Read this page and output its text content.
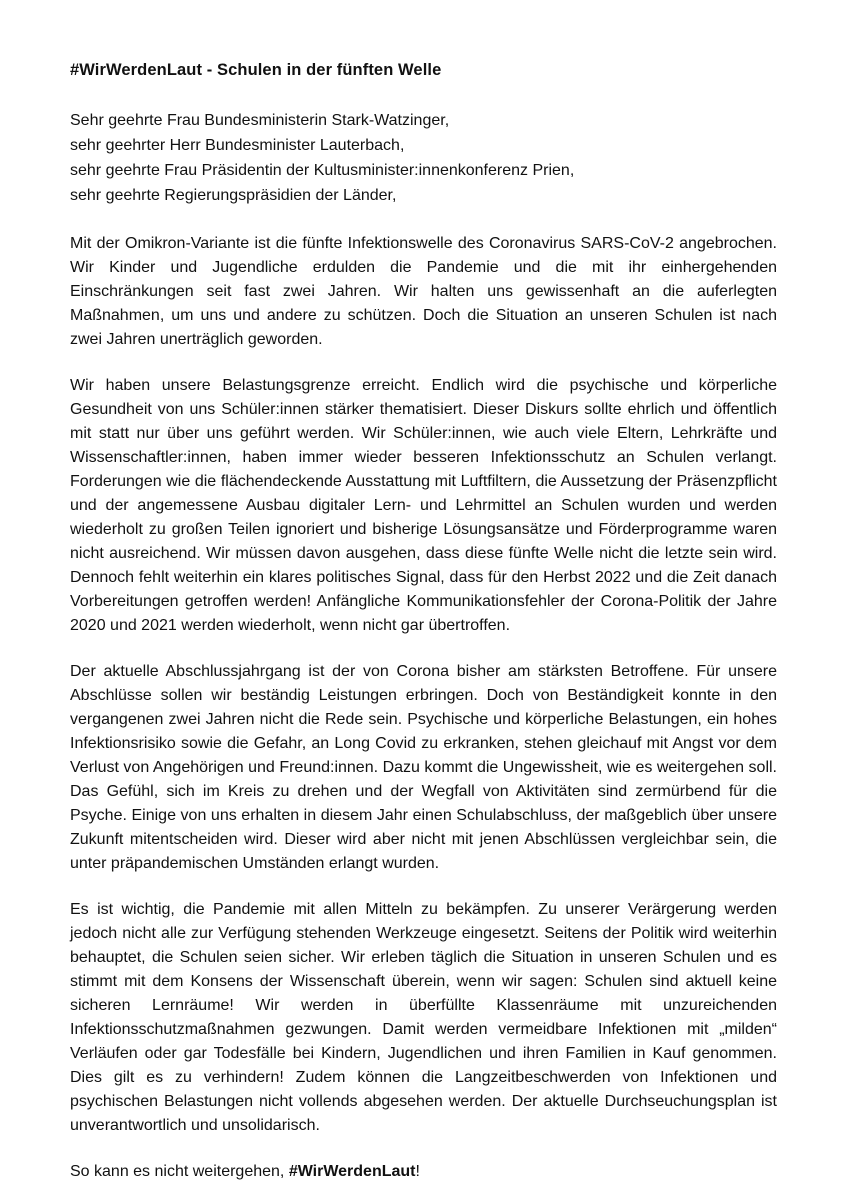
#WirWerdenLaut - Schulen in der fünften Welle
Sehr geehrte Frau Bundesministerin Stark-Watzinger,
sehr geehrter Herr Bundesminister Lauterbach,
sehr geehrte Frau Präsidentin der Kultusminister:innenkonferenz Prien,
sehr geehrte Regierungspräsidien der Länder,

Mit der Omikron-Variante ist die fünfte Infektionswelle des Coronavirus SARS-CoV-2 angebrochen. Wir Kinder und Jugendliche erdulden die Pandemie und die mit ihr einhergehenden Einschränkungen seit fast zwei Jahren. Wir halten uns gewissenhaft an die auferlegten Maßnahmen, um uns und andere zu schützen. Doch die Situation an unseren Schulen ist nach zwei Jahren unerträglich geworden.

Wir haben unsere Belastungsgrenze erreicht. Endlich wird die psychische und körperliche Gesundheit von uns Schüler:innen stärker thematisiert. Dieser Diskurs sollte ehrlich und öffentlich mit statt nur über uns geführt werden. Wir Schüler:innen, wie auch viele Eltern, Lehrkräfte und Wissenschaftler:innen, haben immer wieder besseren Infektionsschutz an Schulen verlangt. Forderungen wie die flächendeckende Ausstattung mit Luftfiltern, die Aussetzung der Präsenzpflicht und der angemessene Ausbau digitaler Lern- und Lehrmittel an Schulen wurden und werden wiederholt zu großen Teilen ignoriert und bisherige Lösungsansätze und Förderprogramme waren nicht ausreichend. Wir müssen davon ausgehen, dass diese fünfte Welle nicht die letzte sein wird. Dennoch fehlt weiterhin ein klares politisches Signal, dass für den Herbst 2022 und die Zeit danach Vorbereitungen getroffen werden! Anfängliche Kommunikationsfehler der Corona-Politik der Jahre 2020 und 2021 werden wiederholt, wenn nicht gar übertroffen.

Der aktuelle Abschlussjahrgang ist der von Corona bisher am stärksten Betroffene. Für unsere Abschlüsse sollen wir beständig Leistungen erbringen. Doch von Beständigkeit konnte in den vergangenen zwei Jahren nicht die Rede sein. Psychische und körperliche Belastungen, ein hohes Infektionsrisiko sowie die Gefahr, an Long Covid zu erkranken, stehen gleichauf mit Angst vor dem Verlust von Angehörigen und Freund:innen. Dazu kommt die Ungewissheit, wie es weitergehen soll. Das Gefühl, sich im Kreis zu drehen und der Wegfall von Aktivitäten sind zermürbend für die Psyche. Einige von uns erhalten in diesem Jahr einen Schulabschluss, der maßgeblich über unsere Zukunft mitentscheiden wird. Dieser wird aber nicht mit jenen Abschlüssen vergleichbar sein, die unter präpandemischen Umständen erlangt wurden.

Es ist wichtig, die Pandemie mit allen Mitteln zu bekämpfen. Zu unserer Verärgerung werden jedoch nicht alle zur Verfügung stehenden Werkzeuge eingesetzt. Seitens der Politik wird weiterhin behauptet, die Schulen seien sicher. Wir erleben täglich die Situation in unseren Schulen und es stimmt mit dem Konsens der Wissenschaft überein, wenn wir sagen: Schulen sind aktuell keine sicheren Lernräume! Wir werden in überfüllte Klassenräume mit unzureichenden Infektionsschutzmaßnahmen gezwungen. Damit werden vermeidbare Infektionen mit „milden“ Verläufen oder gar Todesfälle bei Kindern, Jugendlichen und ihren Familien in Kauf genommen. Dies gilt es zu verhindern! Zudem können die Langzeitbeschwerden von Infektionen und psychischen Belastungen nicht vollends abgesehen werden. Der aktuelle Durchseuchungsplan ist unverantwortlich und unsolidarisch.

So kann es nicht weitergehen, #WirWerdenLaut!
